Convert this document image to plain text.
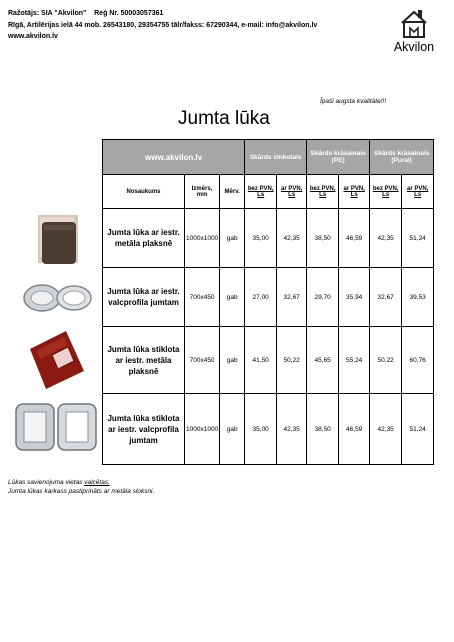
Ražotājs: SIA "Akvilon" Reģ Nr. 50003057361
Rīgā, Artilērijas ielā 44 mob. 26543180, 29354755 tālr/fakss: 67290344, e-mail: info@akvilon.lv
www.akvilon.lv
Akvilon
Īpaši augsta kvalitāte!!!
Jumta lūka
	www.akvilon.lv			Skārds cinkotais		Skārds krāsainais (PE)		Skārds krāsainais (Pural)	
	Nosaukums	Izmērs, mm	Mērv.	bez PVN, Ls	ar PVN, Ls	bez PVN, Ls	ar PVN, Ls	bez PVN, Ls	ar PVN, Ls
	Jumta lūka ar iestr. metāla plaksnē	1000x1000	gab	35,00	42,35	38,50	46,59	42,35	51,24
	Jumta lūka ar iestr. valcprofila jumtam	700x450	gab	27,00	32,67	29,70	35,94	32,67	39,53
	Jumta lūka stiklota ar iestr. metāla plaksnē	700x450	gab	41,50	50,22	45,65	55,24	50,22	60,76
	Jumta lūka stiklota ar iestr. valcprofila jumtam	1000x1000	gab	35,00	42,35	38,50	46,59	42,35	51,24
Lūkas savienojuma vietas valcētas.
Jumta lūkas karkass pastiprināts ar metāla sloksni.
